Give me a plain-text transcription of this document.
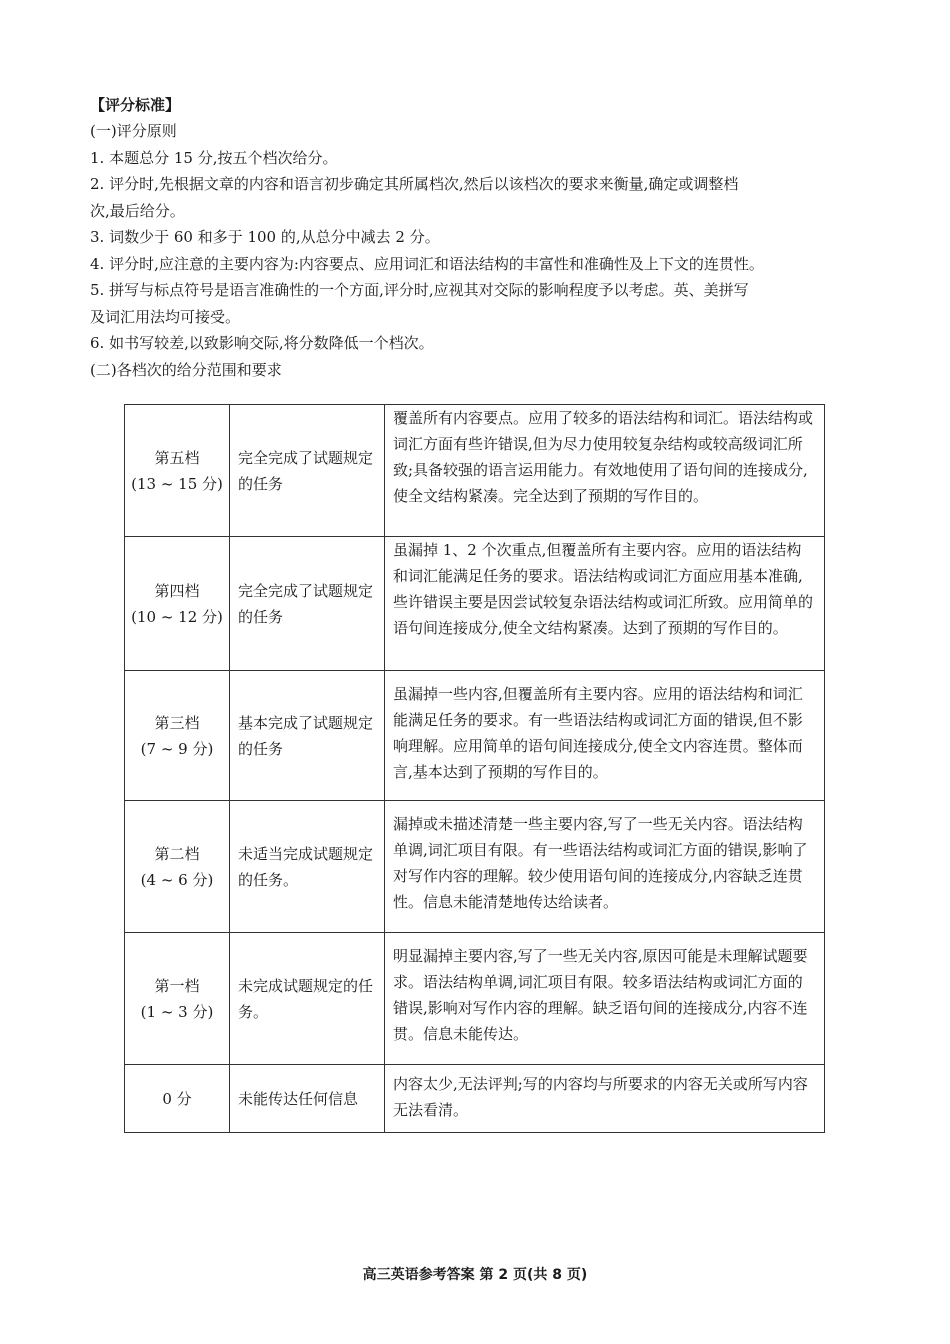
【评分标准】

(一)评分原则

1. 本题总分 15 分,按五个档次给分。

2. 评分时,先根据文章的内容和语言初步确定其所属档次,然后以该档次的要求来衡量,确定或调整档

次,最后给分。

3. 词数少于 60 和多于 100 的,从总分中减去 2 分。

4. 评分时,应注意的主要内容为:内容要点、应用词汇和语法结构的丰富性和准确性及上下文的连贯性。

5. 拼写与标点符号是语言准确性的一个方面,评分时,应视其对交际的影响程度予以考虑。英、美拼写

及词汇用法均可接受。

6. 如书写较差,以致影响交际,将分数降低一个档次。

(二)各档次的给分范围和要求

第五档
(13 ~ 15 分)	完全完成了试题规定的任务	覆盖所有内容要点。应用了较多的语法结构和词汇。语法结构或词汇方面有些许错误,但为尽力使用较复杂结构或较高级词汇所致;具备较强的语言运用能力。有效地使用了语句间的连接成分,使全文结构紧凑。完全达到了预期的写作目的。

第四档
(10 ~ 12 分)	完全完成了试题规定的任务	虽漏掉 1、2 个次重点,但覆盖所有主要内容。应用的语法结构和词汇能满足任务的要求。语法结构或词汇方面应用基本准确,些许错误主要是因尝试较复杂语法结构或词汇所致。应用简单的语句间连接成分,使全文结构紧凑。达到了预期的写作目的。

第三档
(7 ~ 9 分)	基本完成了试题规定的任务	虽漏掉一些内容,但覆盖所有主要内容。应用的语法结构和词汇能满足任务的要求。有一些语法结构或词汇方面的错误,但不影响理解。应用简单的语句间连接成分,使全文内容连贯。整体而言,基本达到了预期的写作目的。

第二档
(4 ~ 6 分)	未适当完成试题规定的任务。	漏掉或未描述清楚一些主要内容,写了一些无关内容。语法结构单调,词汇项目有限。有一些语法结构或词汇方面的错误,影响了对写作内容的理解。较少使用语句间的连接成分,内容缺乏连贯性。信息未能清楚地传达给读者。

第一档
(1 ~ 3 分)	未完成试题规定的任务。	明显漏掉主要内容,写了一些无关内容,原因可能是未理解试题要求。语法结构单调,词汇项目有限。较多语法结构或词汇方面的错误,影响对写作内容的理解。缺乏语句间的连接成分,内容不连贯。信息未能传达。

0 分	未能传达任何信息	内容太少,无法评判;写的内容均与所要求的内容无关或所写内容无法看清。
高三英语参考答案 第 2 页(共 8 页)
